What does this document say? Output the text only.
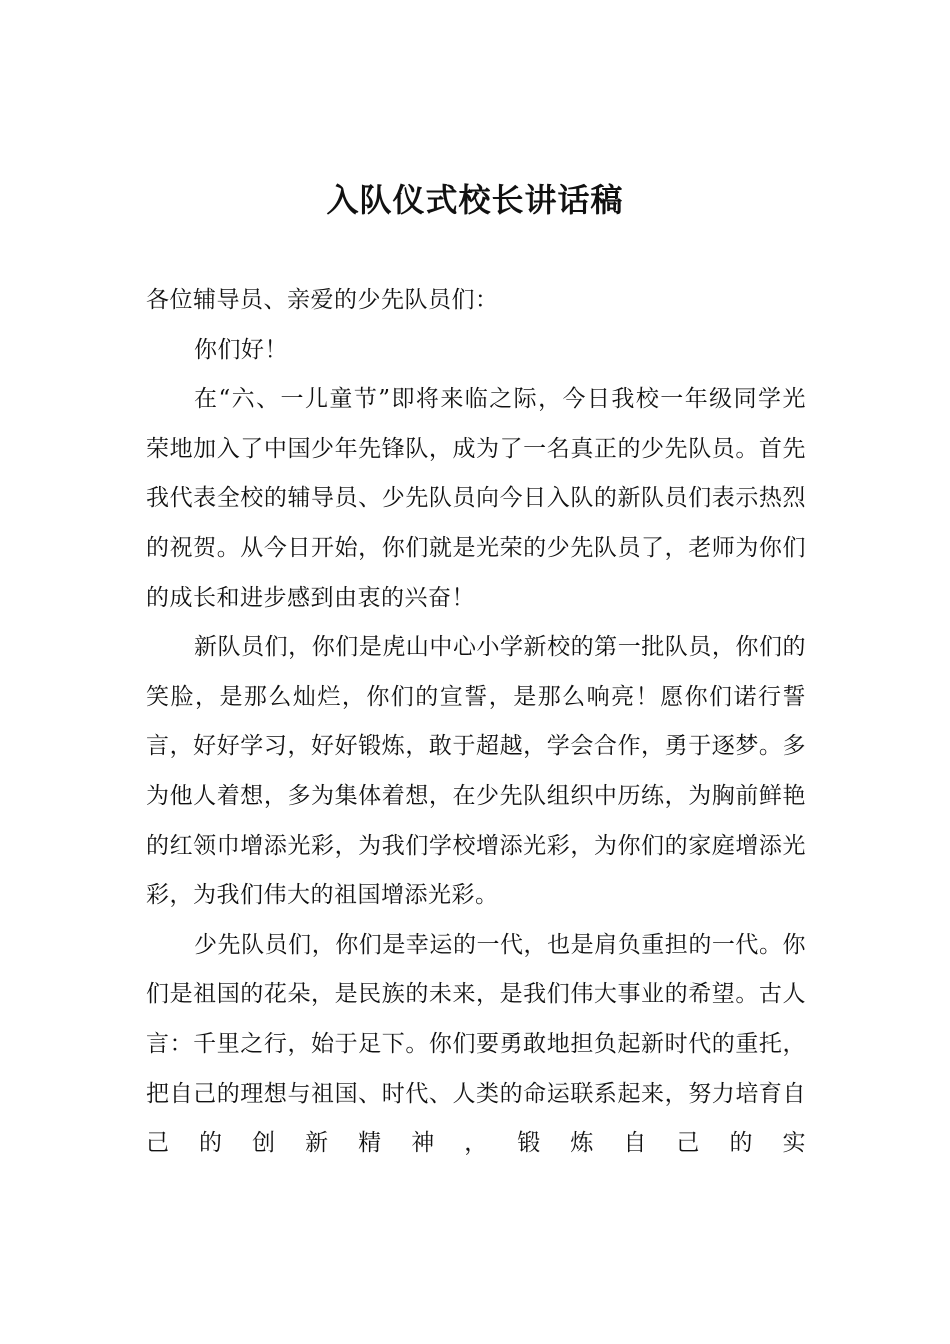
入队仪式校长讲话稿

各位辅导员、亲爱的少先队员们：

你们好！

在“六、一儿童节”即将来临之际，今日我校一年级同学光荣地加入了中国少年先锋队，成为了一名真正的少先队员。首先我代表全校的辅导员、少先队员向今日入队的新队员们表示热烈的祝贺。从今日开始，你们就是光荣的少先队员了，老师为你们的成长和进步感到由衷的兴奋！

新队员们，你们是虎山中心小学新校的第一批队员，你们的笑脸，是那么灿烂，你们的宣誓，是那么响亮！愿你们诺行誓言，好好学习，好好锻炼，敢于超越，学会合作，勇于逐梦。多为他人着想，多为集体着想，在少先队组织中历练，为胸前鲜艳的红领巾增添光彩，为我们学校增添光彩，为你们的家庭增添光彩，为我们伟大的祖国增添光彩。

少先队员们，你们是幸运的一代，也是肩负重担的一代。你们是祖国的花朵，是民族的未来，是我们伟大事业的希望。古人言：千里之行，始于足下。你们要勇敢地担负起新时代的重托，把自己的理想与祖国、时代、人类的命运联系起来，努力培育自己的创新精神，锻炼自己的实
